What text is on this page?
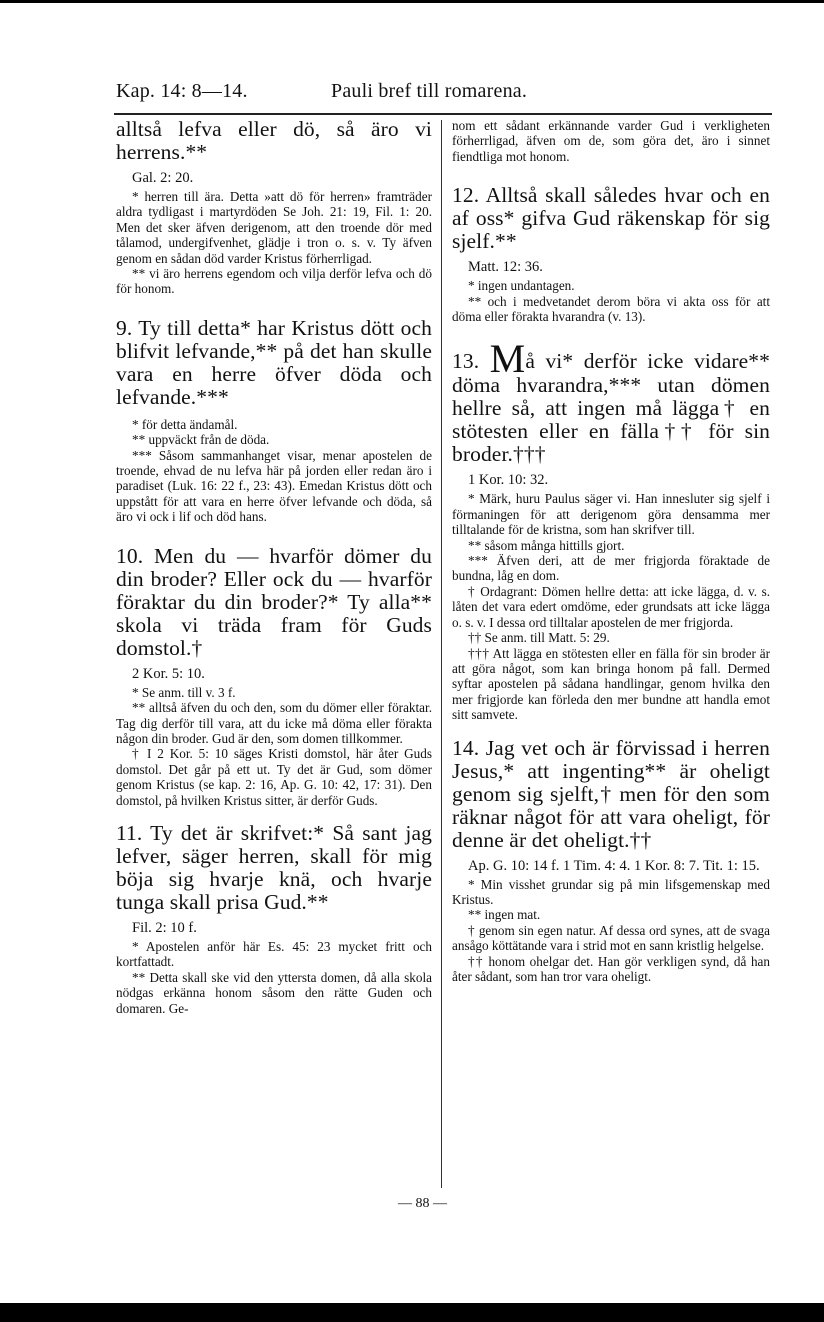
Kap. 14: 8—14.	Pauli bref till romarena.

alltså lefva eller dö, så äro vi herrens.**

Gal. 2: 20.

* herren till ära. Detta »att dö för herren» framträder aldra tydligast i martyrdöden Se Joh. 21: 19, Fil. 1: 20. Men det sker äfven derigenom, att den troende dör med tålamod, undergifvenhet, glädje i tron o. s. v. Ty äfven genom en sådan död varder Kristus förherrligad.

** vi äro herrens egendom och vilja derför lefva och dö för honom.

9. Ty till detta* har Kristus dött och blifvit lefvande,** på det han skulle vara en herre öfver döda och lefvande.***

* för detta ändamål.

** uppväckt från de döda.

*** Såsom sammanhanget visar, menar apostelen de troende, ehvad de nu lefva här på jorden eller redan äro i paradiset (Luk. 16: 22 f., 23: 43). Emedan Kristus dött och uppstått för att vara en herre öfver lefvande och döda, så äro vi ock i lif och död hans.

10. Men du — hvarför dömer du din broder? Eller ock du — hvarför föraktar du din broder?* Ty alla** skola vi träda fram för Guds domstol.†

2 Kor. 5: 10.

* Se anm. till v. 3 f.

** alltså äfven du och den, som du dömer eller föraktar. Tag dig derför till vara, att du icke må döma eller förakta någon din broder. Gud är den, som domen tillkommer.

† I 2 Kor. 5: 10 säges Kristi domstol, här åter Guds domstol. Det går på ett ut. Ty det är Gud, som dömer genom Kristus (se kap. 2: 16, Ap. G. 10: 42, 17: 31). Den domstol, på hvilken Kristus sitter, är derför Guds.

11. Ty det är skrifvet:* Så sant jag lefver, säger herren, skall för mig böja sig hvarje knä, och hvarje tunga skall prisa Gud.**

Fil. 2: 10 f.

* Apostelen anför här Es. 45: 23 mycket fritt och kortfattadt.

** Detta skall ske vid den yttersta domen, då alla skola nödgas erkänna honom såsom den rätte Guden och domaren. Ge-

nom ett sådant erkännande varder Gud i verkligheten förherrligad, äfven om de, som göra det, äro i sinnet fiendtliga mot honom.

12. Alltså skall således hvar och en af oss* gifva Gud räkenskap för sig sjelf.**

Matt. 12: 36.

* ingen undantagen.

** och i medvetandet derom böra vi akta oss för att döma eller förakta hvarandra (v. 13).

13. Må vi* derför icke vidare** döma hvarandra,*** utan dömen hellre så, att ingen må läggа† en stötesten eller en fälla†† för sin broder.†††

1 Kor. 10: 32.

* Märk, huru Paulus säger vi. Han innesluter sig sjelf i förmaningen för att derigenom göra densamma mer tilltalande för de kristna, som han skrifver till.

** såsom många hittills gjort.

*** Äfven deri, att de mer frigjorda föraktade de bundna, låg en dom.

† Ordagrant: Dömen hellre detta: att icke lägga, d. v. s. låten det vara edert omdöme, eder grundsats att icke lägga o. s. v. I dessa ord tilltalar apostelen de mer frigjorda.

†† Se anm. till Matt. 5: 29.

††† Att lägga en stötesten eller en fälla för sin broder är att göra något, som kan bringa honom på fall. Dermed syftar apostelen på sådana handlingar, genom hvilka den mer frigjorde kan förleda den mer bundne att handla emot sitt samvete.

14. Jag vet och är förvissad i herren Jesus,* att ingenting** är oheligt genom sig sjelft,† men för den som räknar något för att vara oheligt, för denne är det oheligt.††

Ap. G. 10: 14 f. 1 Tim. 4: 4. 1 Kor. 8: 7. Tit. 1: 15.

* Min visshet grundar sig på min lifsgemenskap med Kristus.

** ingen mat.

† genom sin egen natur. Af dessa ord synes, att de svaga ansågo köttätande vara i strid mot en sann kristlig helgelse.

†† honom ohelgar det. Han gör verkligen synd, då han åter sådant, som han tror vara oheligt.

— 88 —
